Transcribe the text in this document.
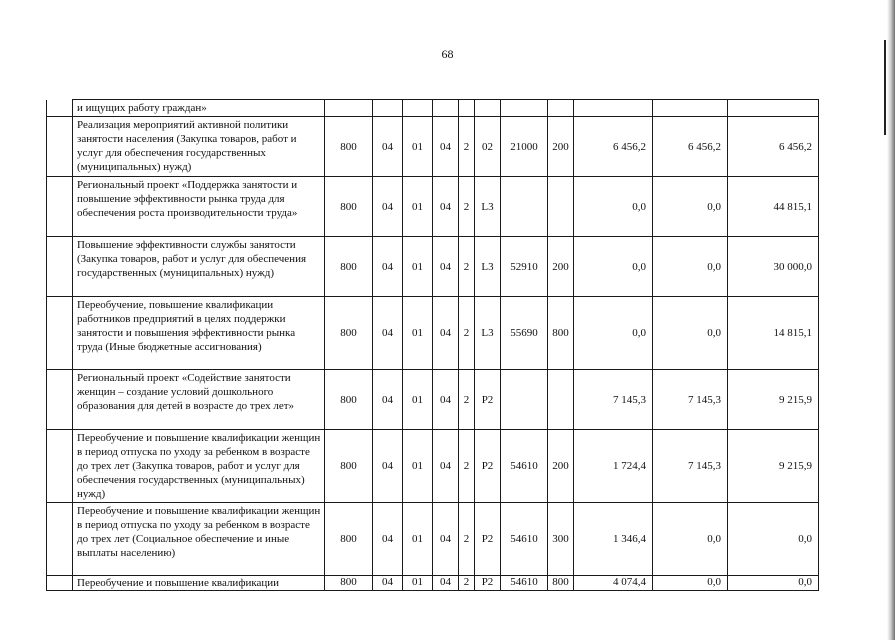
68
	и ищущих работу граждан»											
	Реализация мероприятий активной политики занятости населения (Закупка товаров, работ и услуг для обеспечения государственных (муниципальных) нужд)	800	04	01	04	2	02	21000	200	6 456,2	6 456,2	6 456,2
	Региональный проект «Поддержка занятости и повышение эффективности рынка труда для обеспечения роста производительности труда»	800	04	01	04	2	L3			0,0	0,0	44 815,1
	Повышение эффективности службы занятости (Закупка товаров, работ и услуг для обеспечения государственных (муниципальных) нужд)	800	04	01	04	2	L3	52910	200	0,0	0,0	30 000,0
	Переобучение, повышение квалификации работников предприятий в целях поддержки занятости и повышения эффективности рынка труда (Иные бюджетные ассигнования)	800	04	01	04	2	L3	55690	800	0,0	0,0	14 815,1
	Региональный проект «Содействие занятости женщин – создание условий дошкольного образования для детей в возрасте до трех лет»	800	04	01	04	2	P2			7 145,3	7 145,3	9 215,9
	Переобучение и повышение квалификации женщин в период отпуска по уходу за ребенком в возрасте до трех лет (Закупка товаров, работ и услуг для обеспечения государственных (муниципальных) нужд)	800	04	01	04	2	P2	54610	200	1 724,4	7 145,3	9 215,9
	Переобучение и повышение квалификации женщин в период отпуска по уходу за ребенком в возрасте до трех лет (Социальное обеспечение и иные выплаты населению)	800	04	01	04	2	P2	54610	300	1 346,4	0,0	0,0
	Переобучение и повышение квалификации	800	04	01	04	2	P2	54610	800	4 074,4	0,0	0,0
